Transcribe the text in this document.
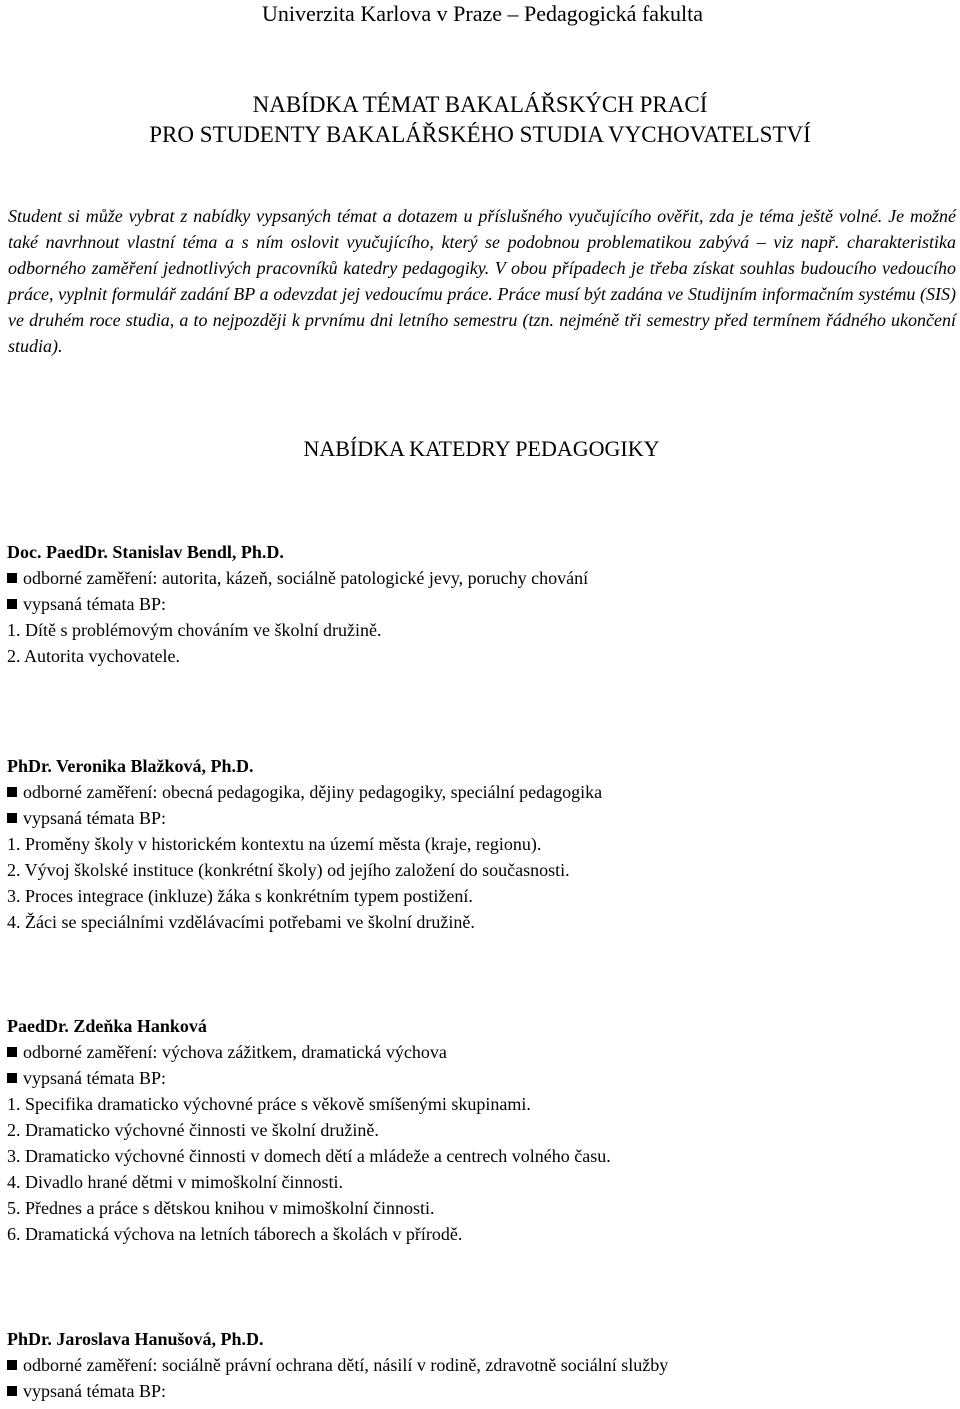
Univerzita Karlova v Praze – Pedagogická fakulta
NABÍDKA TÉMAT BAKALÁŘSKÝCH PRACÍ
PRO STUDENTY BAKALÁŘSKÉHO STUDIA VYCHOVATELSTVÍ

Student si může vybrat z nabídky vypsaných témat a dotazem u příslušného vyučujícího ověřit, zda je téma ještě volné. Je možné také navrhnout vlastní téma a s ním oslovit vyučujícího, který se podobnou problematikou zabývá – viz např. charakteristika odborného zaměření jednotlivých pracovníků katedry pedagogiky. V obou případech je třeba získat souhlas budoucího vedoucího práce, vyplnit formulář zadání BP a odevzdat jej vedoucímu práce. Práce musí být zadána ve Studijním informačním systému (SIS) ve druhém roce studia, a to nejpozději k prvnímu dni letního semestru (tzn. nejméně tři semestry před termínem řádného ukončení studia).

NABÍDKA KATEDRY PEDAGOGIKY
Doc. PaedDr. Stanislav Bendl, Ph.D.
odborné zaměření: autorita, kázeň, sociálně patologické jevy, poruchy chování
vypsaná témata BP:
1. Dítě s problémovým chováním ve školní družině.
2. Autorita vychovatele.
PhDr. Veronika Blažková, Ph.D.
odborné zaměření: obecná pedagogika, dějiny pedagogiky, speciální pedagogika
vypsaná témata BP:
1. Proměny školy v historickém kontextu na území města (kraje, regionu).
2. Vývoj školské instituce (konkrétní školy) od jejího založení do současnosti.
3. Proces integrace (inkluze) žáka s konkrétním typem postižení.
4. Žáci se speciálními vzdělávacími potřebami ve školní družině.
PaedDr. Zdeňka Hanková
odborné zaměření: výchova zážitkem, dramatická výchova
vypsaná témata BP:
1. Specifika dramaticko výchovné práce s věkově smíšenými skupinami.
2. Dramaticko výchovné činnosti ve školní družině.
3. Dramaticko výchovné činnosti v domech dětí a mládeže a centrech volného času.
4. Divadlo hrané dětmi v mimoškolní činnosti.
5. Přednes a práce s dětskou knihou v mimoškolní činnosti.
6. Dramatická výchova na letních táborech a školách v přírodě.
PhDr. Jaroslava Hanušová, Ph.D.
odborné zaměření: sociálně právní ochrana dětí, násilí v rodině, zdravotně sociální služby
vypsaná témata BP:
